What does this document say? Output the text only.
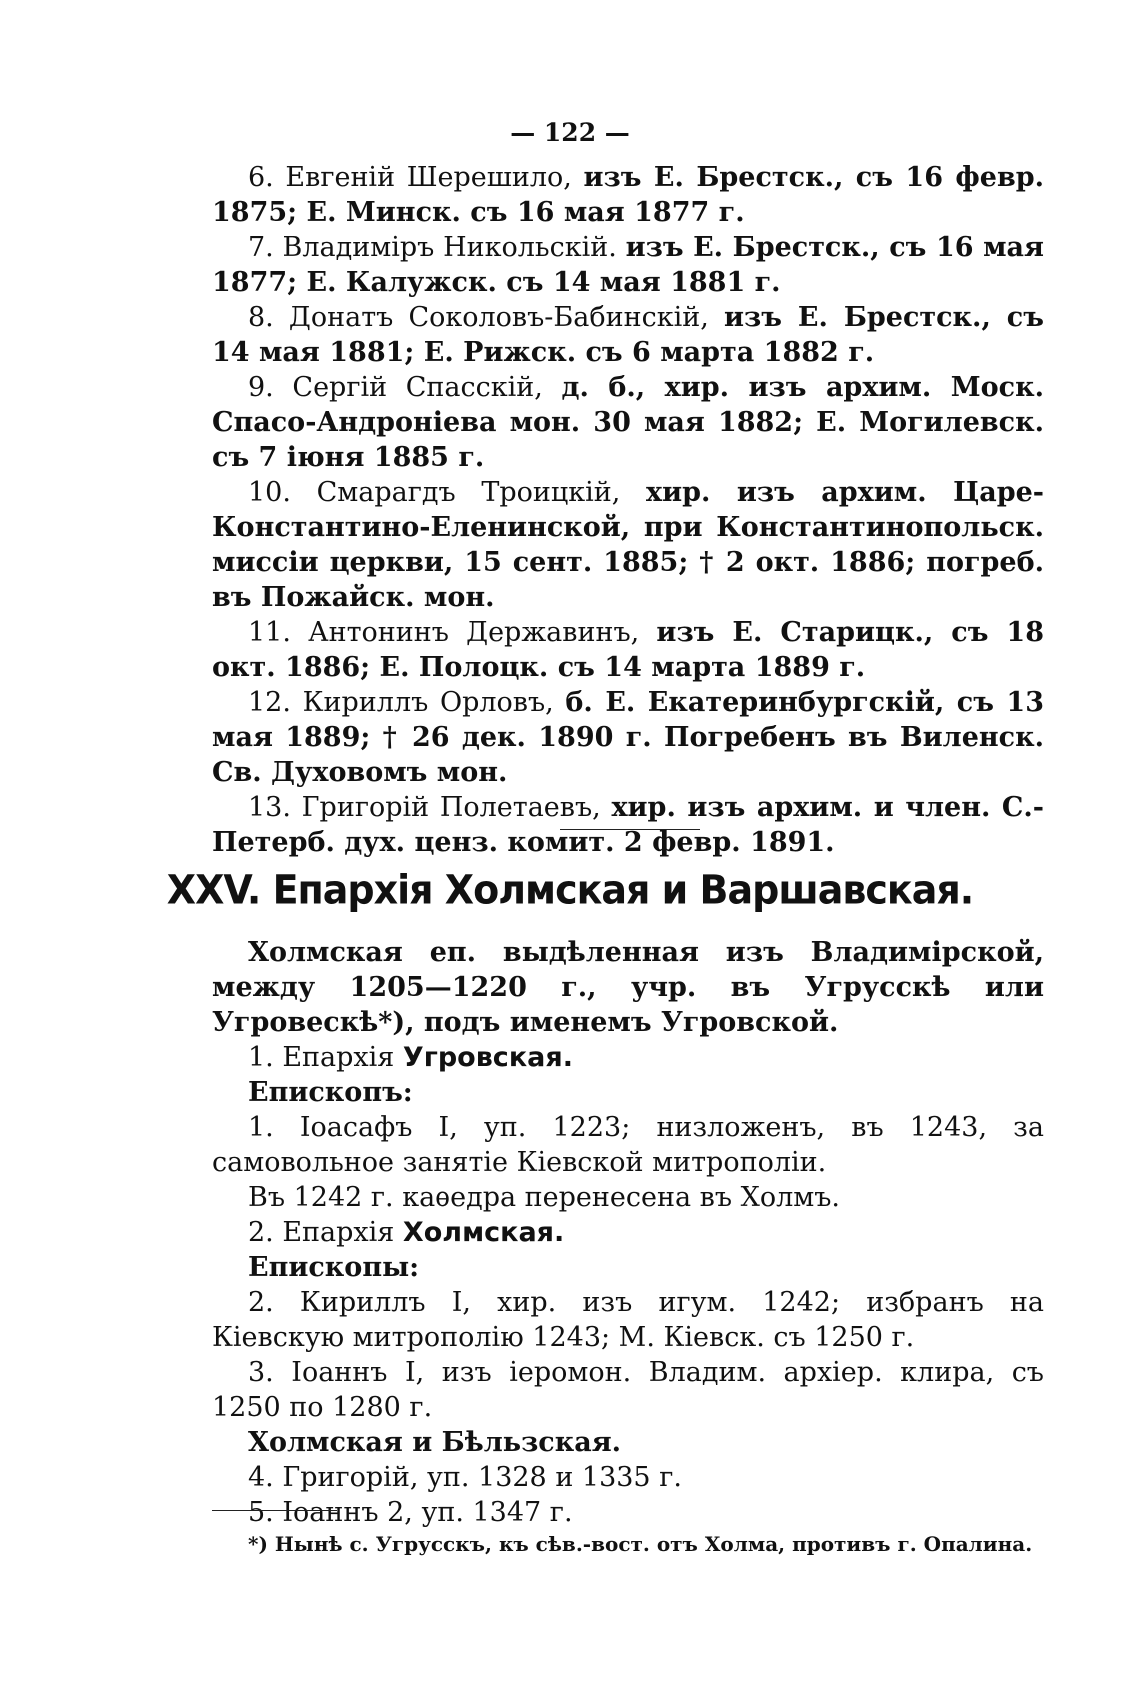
— 122 —

6. Евгеній Шерешило, изъ Е. Брестск., съ 16 февр. 1875; Е. Минск. съ 16 мая 1877 г.

7. Владиміръ Никольскій. изъ Е. Брестск., съ 16 мая 1877; Е. Калужск. съ 14 мая 1881 г.

8. Донатъ Соколовъ-Бабинскій, изъ Е. Брестск., съ 14 мая 1881; Е. Рижск. съ 6 марта 1882 г.

9. Сергій Спасскій, д. б., хир. изъ архим. Моск. Спасо-Андроніева мон. 30 мая 1882; Е. Могилевск. съ 7 іюня 1885 г.

10. Смарагдъ Троицкій, хир. изъ архим. Царе-Константино-Еленинской, при Константинопольск. миссіи церкви, 15 сент. 1885; † 2 окт. 1886; погреб. въ Пожайск. мон.

11. Антонинъ Державинъ, изъ Е. Старицк., съ 18 окт. 1886; Е. Полоцк. съ 14 марта 1889 г.

12. Кириллъ Орловъ, б. Е. Екатеринбургскій, съ 13 мая 1889; † 26 дек. 1890 г. Погребенъ въ Виленск. Св. Духовомъ мон.

13. Григорій Полетаевъ, хир. изъ архим. и член. С.-Петерб. дух. ценз. комит. 2 февр. 1891.

XXV. Епархія Холмская и Варшавская.

Холмская еп. выдѣленная изъ Владимірской, между 1205—1220 г., учр. въ Угрусскѣ или Угровескѣ*), подъ именемъ Угровской.

1. Епархія Угровская.

Епископъ:

1. Іоасафъ I, уп. 1223; низложенъ, въ 1243, за самовольное занятіе Кіевской митрополіи.

Въ 1242 г. каѳедра перенесена въ Холмъ.

2. Епархія Холмская.

Епископы:

2. Кириллъ I, хир. изъ игум. 1242; избранъ на Кіевскую митрополію 1243; М. Кіевск. съ 1250 г.

3. Іоаннъ I, изъ іеромон. Владим. архіер. клира, съ 1250 по 1280 г.

Холмская и Бѣльзская.

4. Григорій, уп. 1328 и 1335 г.

5. Іоаннъ 2, уп. 1347 г.

*) Нынѣ с. Угрусскъ, къ сѣв.-вост. отъ Холма, противъ г. Опалина.
